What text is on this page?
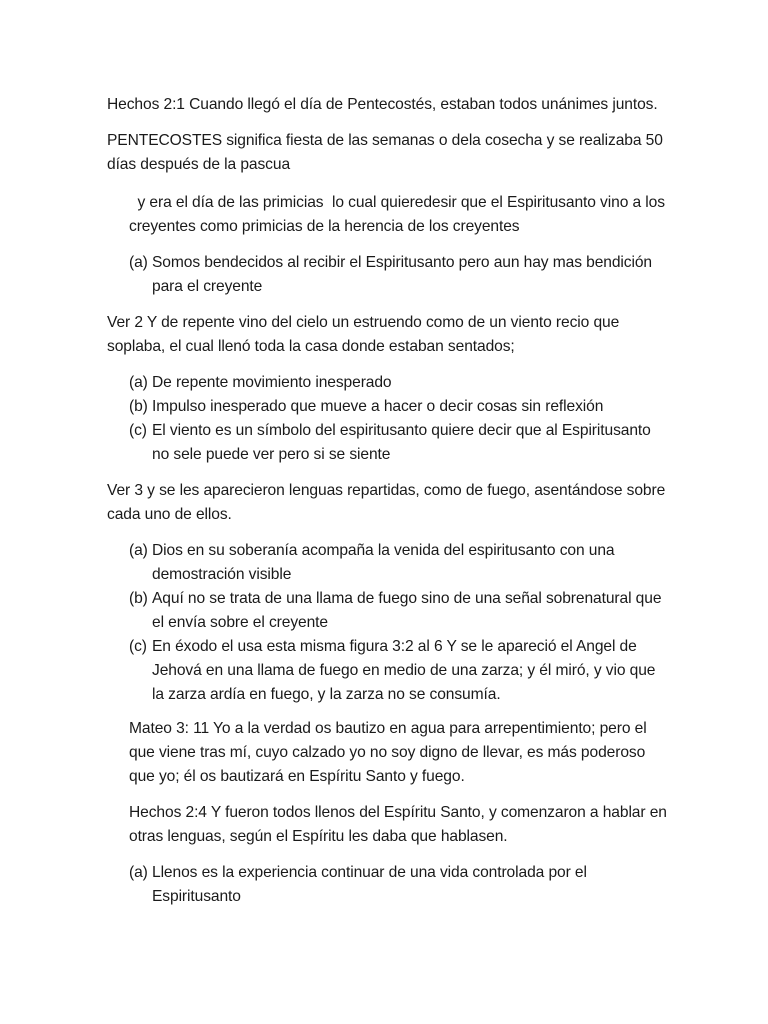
Hechos 2:1 Cuando llegó el día de Pentecostés, estaban todos unánimes juntos.

PENTECOSTES significa fiesta de las semanas o dela cosecha y se realizaba 50 días después de la pascua

y era el día de las primicias  lo cual quieredesir que el Espiritusanto vino a los creyentes como primicias de la herencia de los creyentes

(a) Somos bendecidos al recibir el Espiritusanto pero aun hay mas bendición para el creyente

Ver 2 Y de repente vino del cielo un estruendo como de un viento recio que soplaba, el cual llenó toda la casa donde estaban sentados;

(a) De repente movimiento inesperado
(b) Impulso inesperado que mueve a hacer o decir cosas sin reflexión
(c) El viento es un símbolo del espiritusanto quiere decir que al Espiritusanto no sele puede ver pero si se siente

Ver 3 y se les aparecieron lenguas repartidas, como de fuego, asentándose sobre cada uno de ellos.

(a) Dios en su soberanía acompaña la venida del espiritusanto con una demostración visible
(b) Aquí no se trata de una llama de fuego sino de una señal sobrenatural que el envía sobre el creyente
(c) En éxodo el usa esta misma figura 3:2 al 6 Y se le apareció el Angel de Jehová en una llama de fuego en medio de una zarza; y él miró, y vio que la zarza ardía en fuego, y la zarza no se consumía.

Mateo 3: 11 Yo a la verdad os bautizo en agua para arrepentimiento; pero el que viene tras mí, cuyo calzado yo no soy digno de llevar, es más poderoso que yo; él os bautizará en Espíritu Santo y fuego.

Hechos 2:4 Y fueron todos llenos del Espíritu Santo, y comenzaron a hablar en otras lenguas, según el Espíritu les daba que hablasen.

(a) Llenos es la experiencia continuar de una vida controlada por el Espiritusanto
